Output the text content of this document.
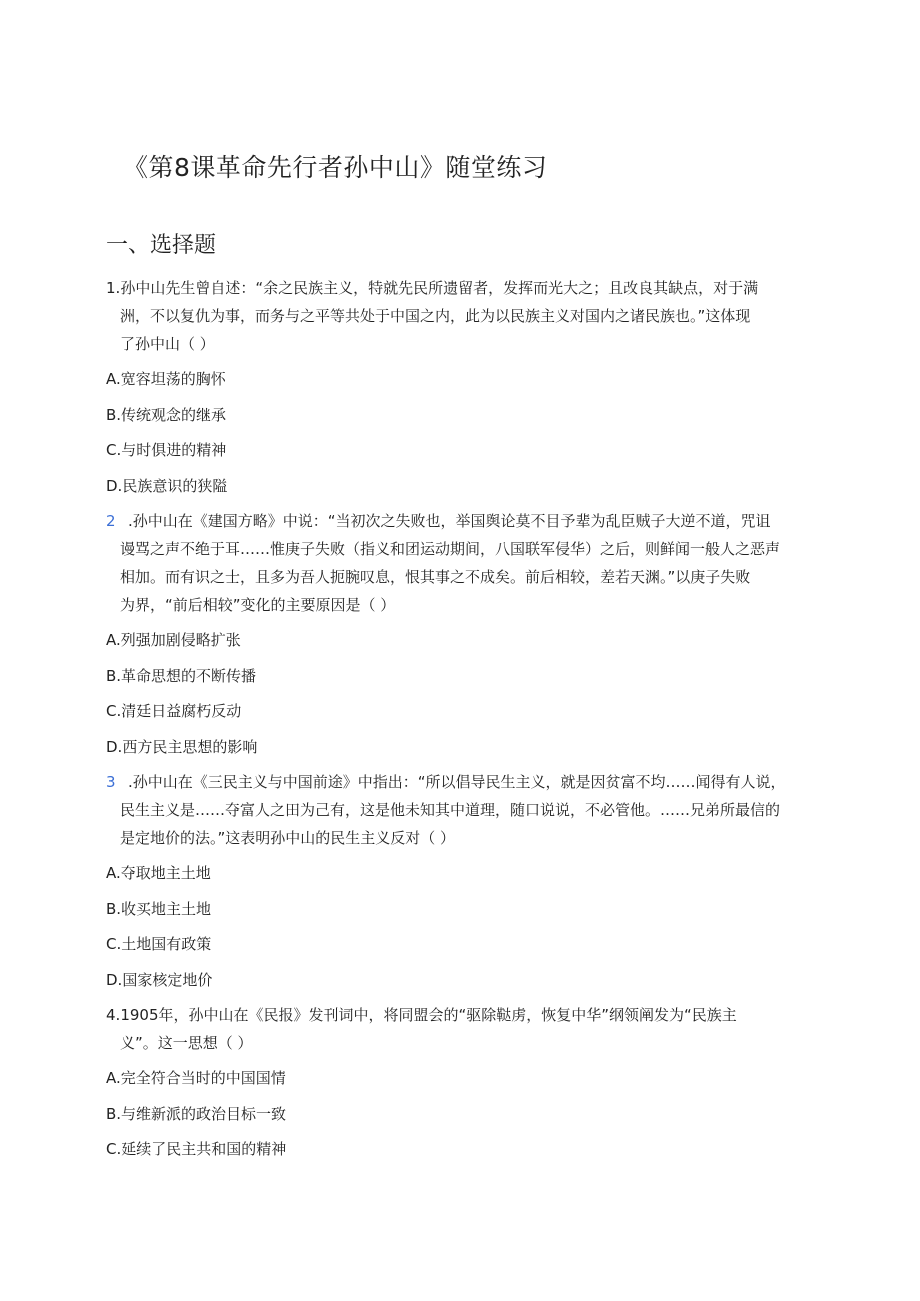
《第8课革命先行者孙中山》随堂练习
一、选择题
1.孙中山先生曾自述：“余之民族主义，特就先民所遗留者，发挥而光大之；且改良其缺点，对于满
洲，不以复仇为事，而务与之平等共处于中国之内，此为以民族主义对国内之诸民族也。”这体现
了孙中山（ ）
A.宽容坦荡的胸怀
B.传统观念的继承
C.与时俱进的精神
D.民族意识的狭隘
2 .孙中山在《建国方略》中说：“当初次之失败也，举国舆论莫不目予辈为乱臣贼子大逆不道，咒诅
谩骂之声不绝于耳……惟庚子失败（指义和团运动期间，八国联军侵华）之后，则鲜闻一般人之恶声
相加。而有识之士，且多为吾人扼腕叹息，恨其事之不成矣。前后相较，差若天渊。”以庚子失败
为界，“前后相较”变化的主要原因是（ ）
A.列强加剧侵略扩张
B.革命思想的不断传播
C.清廷日益腐朽反动
D.西方民主思想的影响
3 .孙中山在《三民主义与中国前途》中指出：“所以倡导民生主义，就是因贫富不均……闻得有人说，
民生主义是……夺富人之田为己有，这是他未知其中道理，随口说说，不必管他。……兄弟所最信的
是定地价的法。”这表明孙中山的民生主义反对（ ）
A.夺取地主土地
B.收买地主土地
C.土地国有政策
D.国家核定地价
4.1905年，孙中山在《民报》发刊词中，将同盟会的“驱除鞑虏，恢复中华”纲领阐发为“民族主
义”。这一思想（ ）
A.完全符合当时的中国国情
B.与维新派的政治目标一致
C.延续了民主共和国的精神
